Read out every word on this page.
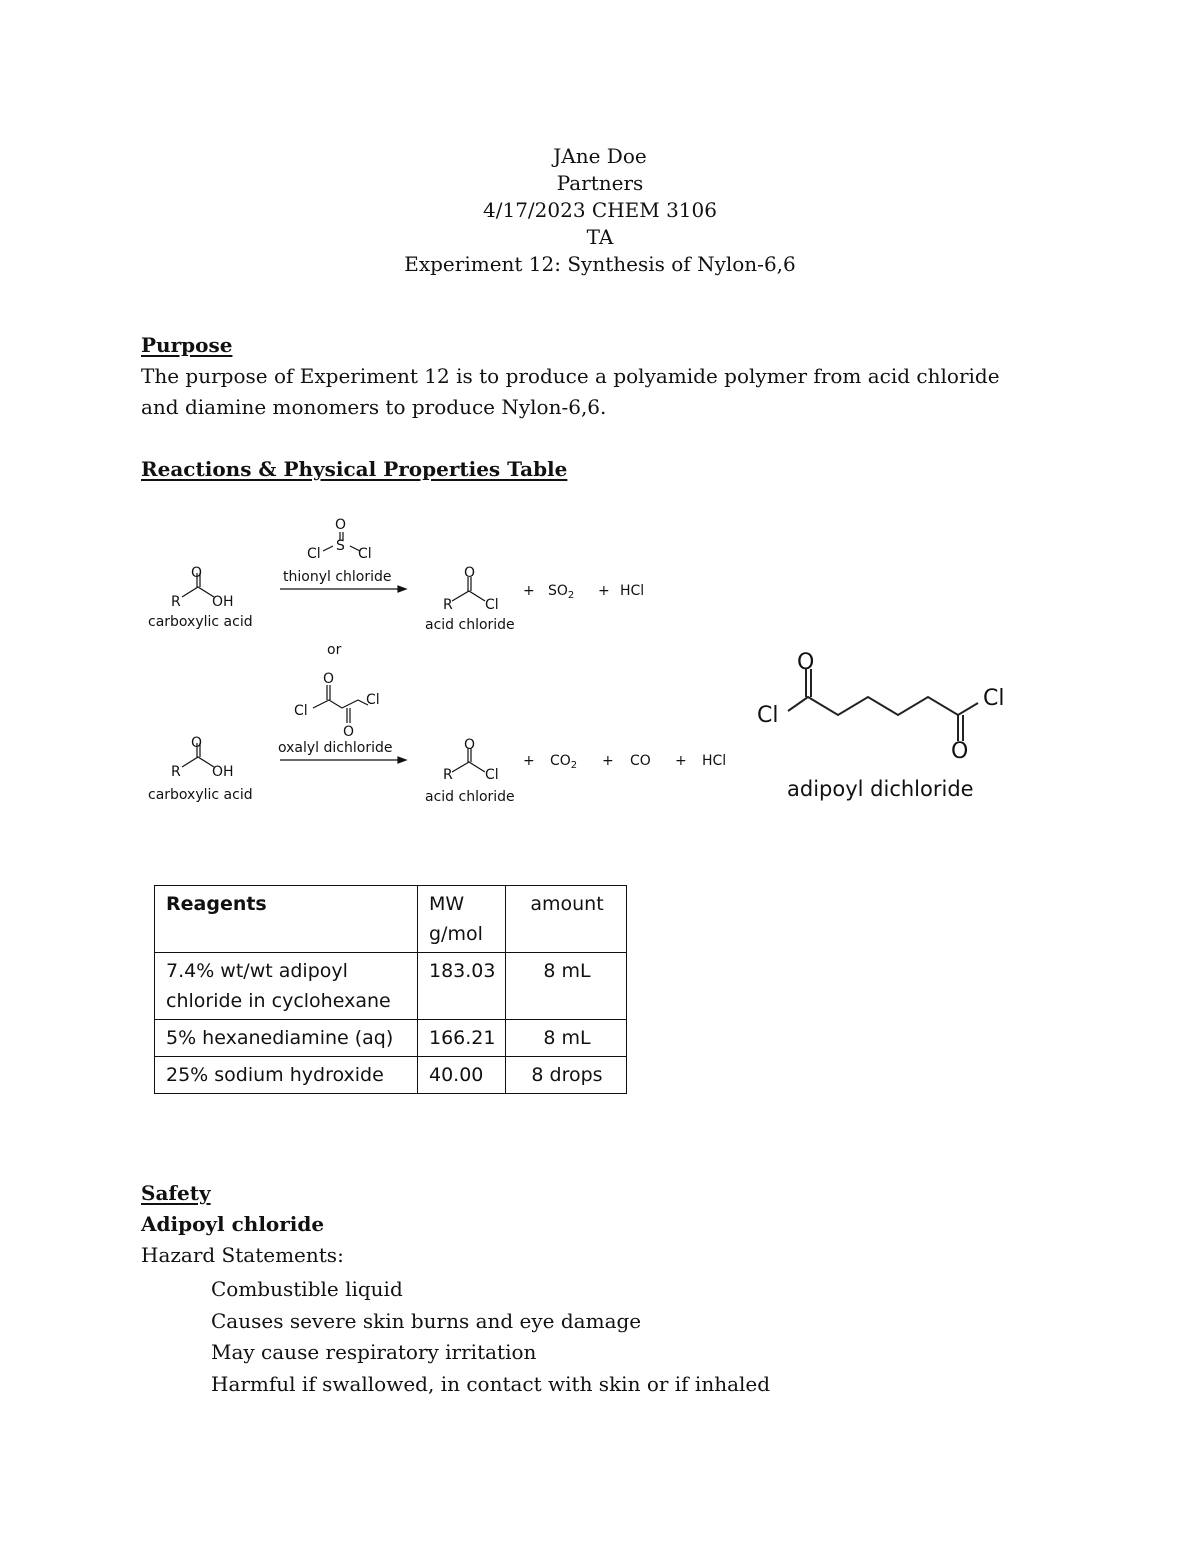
JAne Doe
Partners
4/17/2023 CHEM 3106
TA
Experiment 12: Synthesis of Nylon-6,6
Purpose
The purpose of Experiment 12 is to produce a polyamide polymer from acid chloride and diamine monomers to produce Nylon-6,6.
Reactions & Physical Properties Table
O
R OH
carboxylic acid
O
S
Cl	Cl
thionyl chloride	O
R Cl
acid chloride
+ $SO_2$ + HCl
or
O
Cl
Cl
O
oxalyl dichloride
O
R OH
carboxylic acid
O
R Cl
acid chloride
+ $CO_2$ + CO + HCl
O
Cl
Cl
O
adipoyl dichloride
Reagents	MW g/mol	amount
7.4% wt/wt adipoyl chloride in cyclohexane	183.03	8 mL
5% hexanediamine (aq)	166.21	8 mL
25% sodium hydroxide	40.00	8 drops
Safety
Adipoyl chloride
Hazard Statements:
Combustible liquid
Causes severe skin burns and eye damage
May cause respiratory irritation
Harmful if swallowed, in contact with skin or if inhaled
